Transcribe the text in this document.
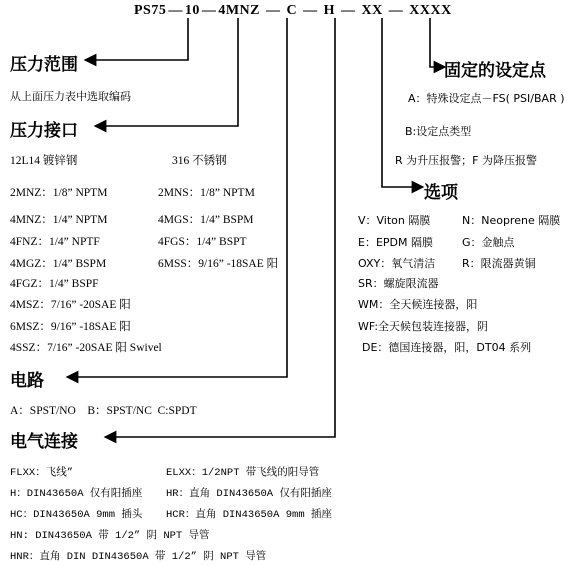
PS75 — 10 — 4MNZ — C — H — XX — XXXX
压力范围
从上面压力表中选取编码
压力接口
12L14 镀锌钢	316 不锈钢
2MNZ：1/8” NPTM	2MNS：1/8” NPTM
4MNZ：1/4” NPTM	4MGS：1/4” BSPM
4FNZ：1/4” NPTF	4FGS：1/4” BSPT
4MGZ：1/4” BSPM	6MSS：9/16” -18SAE 阳
4FGZ：1/4” BSPF
4MSZ：7/16” -20SAE 阳
6MSZ：9/16” -18SAE 阳
4SSZ：7/16” -20SAE 阳 Swivel
电路
A：SPST/NO    B：SPST/NC  C:SPDT
电气连接
FLXX：飞线”	ELXX：1/2NPT 带飞线的阳导管
H：DIN43650A 仅有阳插座 HR：直角 DIN43650A 仅有阳插座
HC：DIN43650A 9mm 插头 HCR：直角 DIN43650A 9mm 插座
HN: DIN43650A 带 1/2” 阴 NPT 导管
HNR：直角 DIN DIN43650A 带 1/2” 阴 NPT 导管
固定的设定点
A：特殊设定点－FS( PSI/BAR )
B:设定点类型
R 为升压报警；F 为降压报警
选项
V：Viton 隔膜	N：Neoprene 隔膜
E：EPDM 隔膜	G：金触点
OXY：氧气清洁 R：限流器黄铜
SR：螺旋限流器
WM：全天候连接器，阳
WF:全天候包装连接器，阴
DE：德国连接器，阳，DT04 系列
